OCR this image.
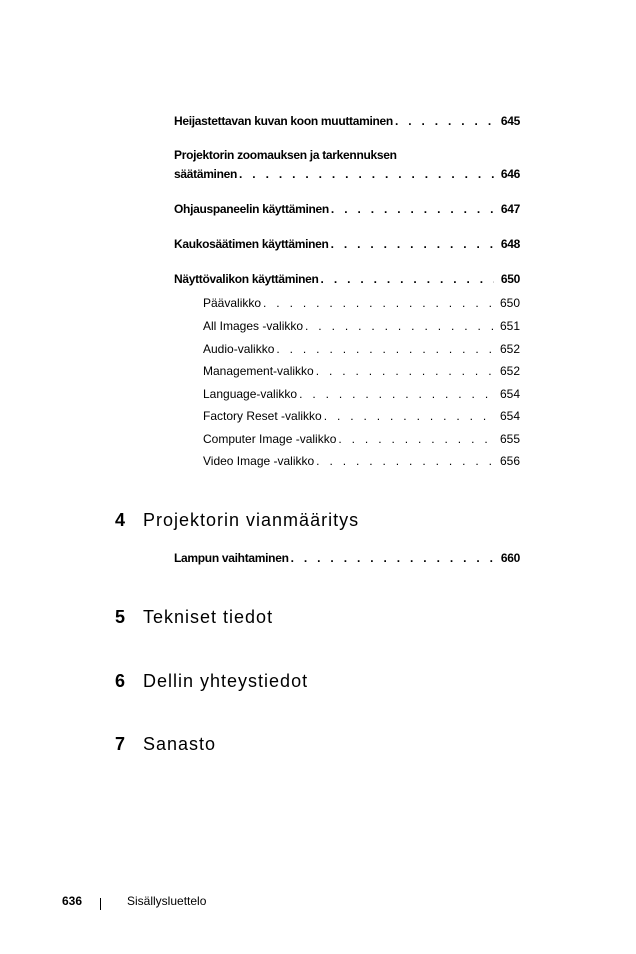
Heijastettavan kuvan koon muuttaminen . . .	645
Projektorin zoomauksen ja tarkennuksen
säätäminen . . .	646
Ohjauspaneelin käyttäminen . . .	647
Kaukosäätimen käyttäminen . . .	648
Näyttövalikon käyttäminen . . .	650
Päävalikko . . .	650
All Images -valikko . . .	651
Audio-valikko . . .	652
Management-valikko . . .	652
Language-valikko . . .	654
Factory Reset -valikko . . .	654
Computer Image -valikko . . .	655
Video Image -valikko . . .	656
4 Projektorin vianmääritys
Lampun vaihtaminen . . .	660
5 Tekniset tiedot
6 Dellin yhteystiedot
7 Sanasto
636	Sisällysluettelo
